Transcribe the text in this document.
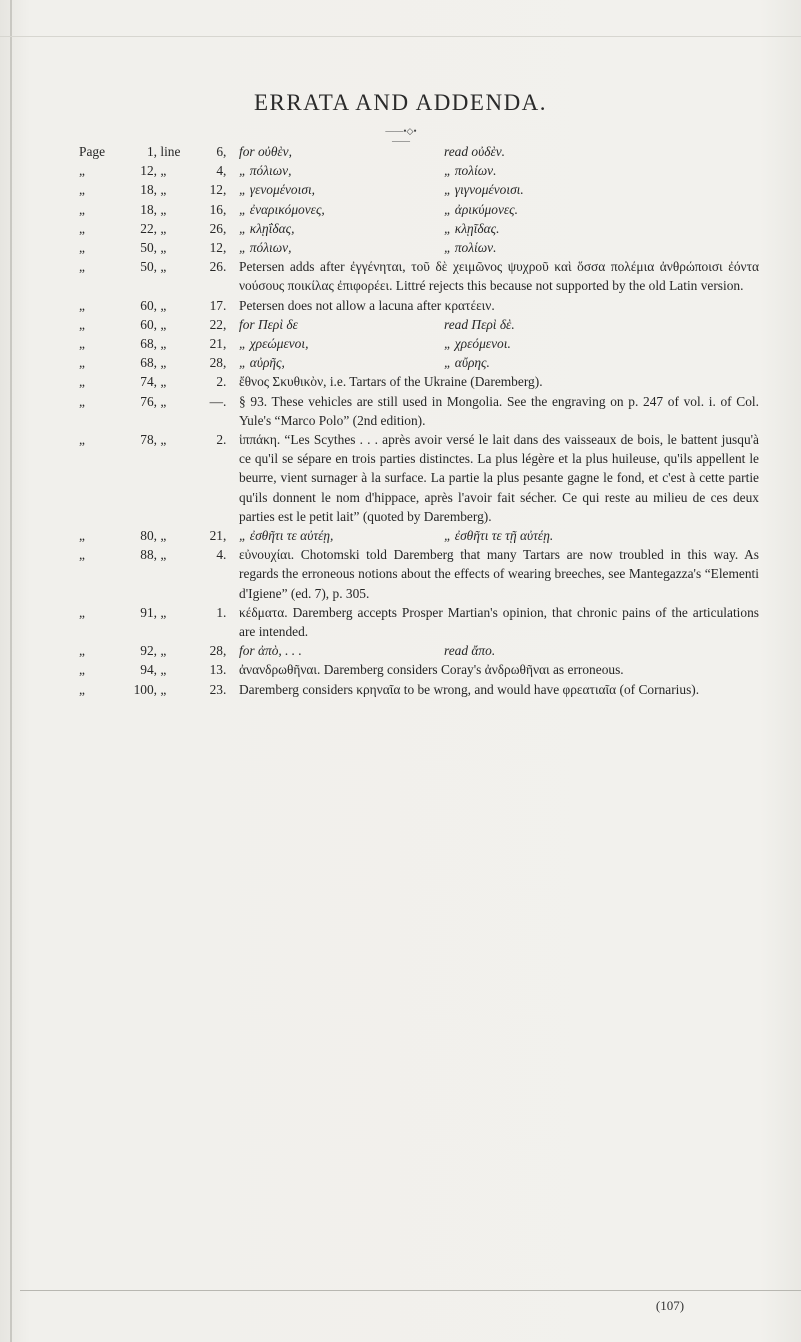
ERRATA AND ADDENDA.
——•◇•——
Page	1, line	6, for οὐθὲν,	read οὐδὲν.
„	12, „	4, „ πόλιων,	„ πολίων.
„	18, „	12, „ γενομένοισι,	„ γιγνομένοισι.
„	18, „	16, „ ἐναρικόμονες,	„ ἀρικύμονες.
„	22, „	26, „ κλῃΐδας,	„ κλῃῖδας.
„	50, „	12, „ πόλιων,	„ πολίων.
„	50, „	26. Petersen adds after ἐγγένηται, τοῦ δὲ χειμῶνος ψυχροῦ καὶ ὅσσα πολέμια ἀνθρώποισι ἐόντα νούσους ποικίλας ἐπιφορέει. Littré rejects this because not supported by the old Latin version.
„	60, „	17. Petersen does not allow a lacuna after κρατέειν.
„	60, „	22, for Περὶ δε	read Περὶ δὲ.
„	68, „	21, „ χρεώμενοι,	„ χρεόμενοι.
„	68, „	28, „ αὐρῆς,	„ αὔρης.
„	74, „	2. ἔθνος Σκυθικὸν, i.e. Tartars of the Ukraine (Daremberg).
„	76, „	—. § 93. These vehicles are still used in Mongolia. See the engraving on p. 247 of vol. i. of Col. Yule's “Marco Polo” (2nd edition).
„	78, „	2. ἱππάκη. “Les Scythes . . . après avoir versé le lait dans des vaisseaux de bois, le battent jusqu'à ce qu'il se sépare en trois parties distinctes. La plus légère et la plus huileuse, qu'ils appellent le beurre, vient surnager à la surface. La partie la plus pesante gagne le fond, et c'est à cette partie qu'ils donnent le nom d'hippace, après l'avoir fait sécher. Ce qui reste au milieu de ces deux parties est le petit lait” (quoted by Daremberg).
„	80, „	21, „ ἐσθῆτι τε αὐτέῃ,	„ ἐσθῆτι τε τῇ αὐτέῃ.
„	88, „	4. εὐνουχίαι. Chotomski told Daremberg that many Tartars are now troubled in this way. As regards the erroneous notions about the effects of wearing breeches, see Mantegazza's “Elementi d'Igiene” (ed. 7), p. 305.
„	91, „	1. κέδματα. Daremberg accepts Prosper Martian's opinion, that chronic pains of the articulations are intended.
„	92, „	28, for ἀπὸ, . . .	read ἄπο.
„	94, „	13. ἀνανδρωθῆναι. Daremberg considers Coray's ἀνδρωθῆναι as erroneous.
„	100, „	23. Daremberg considers κρηναῖα to be wrong, and would have φρεατιαῖα (of Cornarius).
(107)
